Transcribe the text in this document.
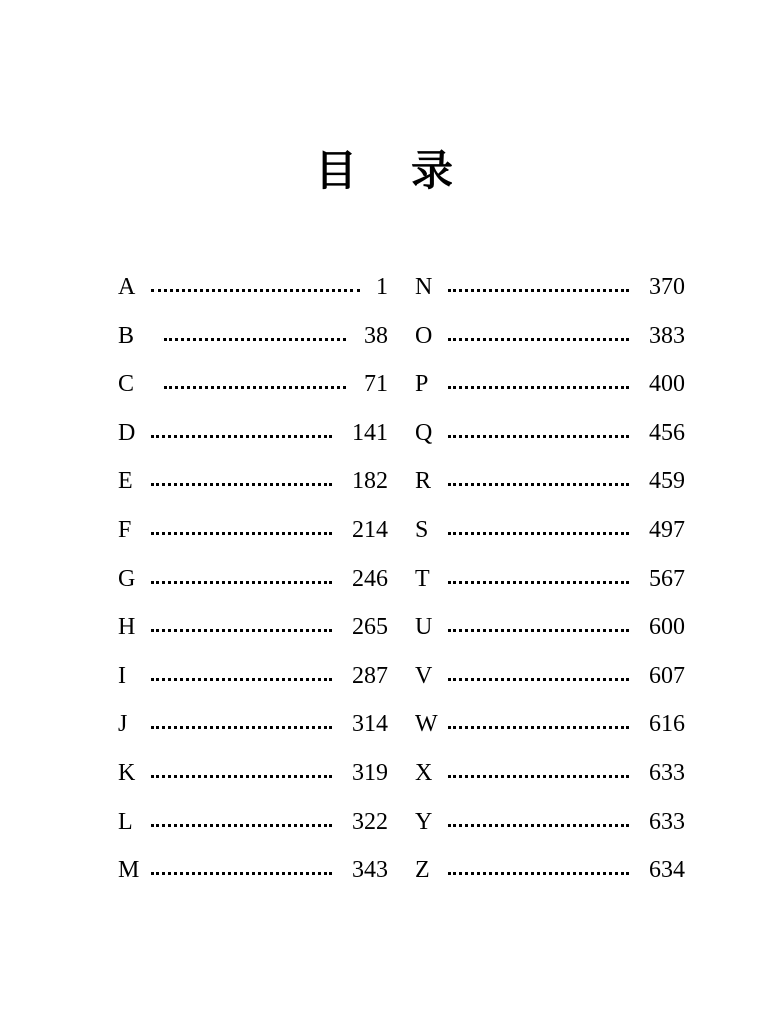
目录
A	1
B	38
C	71
D	141
E	182
F	214
G	246
H	265
I	287
J	314
K	319
L	322
M	343
N	370
O	383
P	400
Q	456
R	459
S	497
T	567
U	600
V	607
W	616
X	633
Y	633
Z	634
